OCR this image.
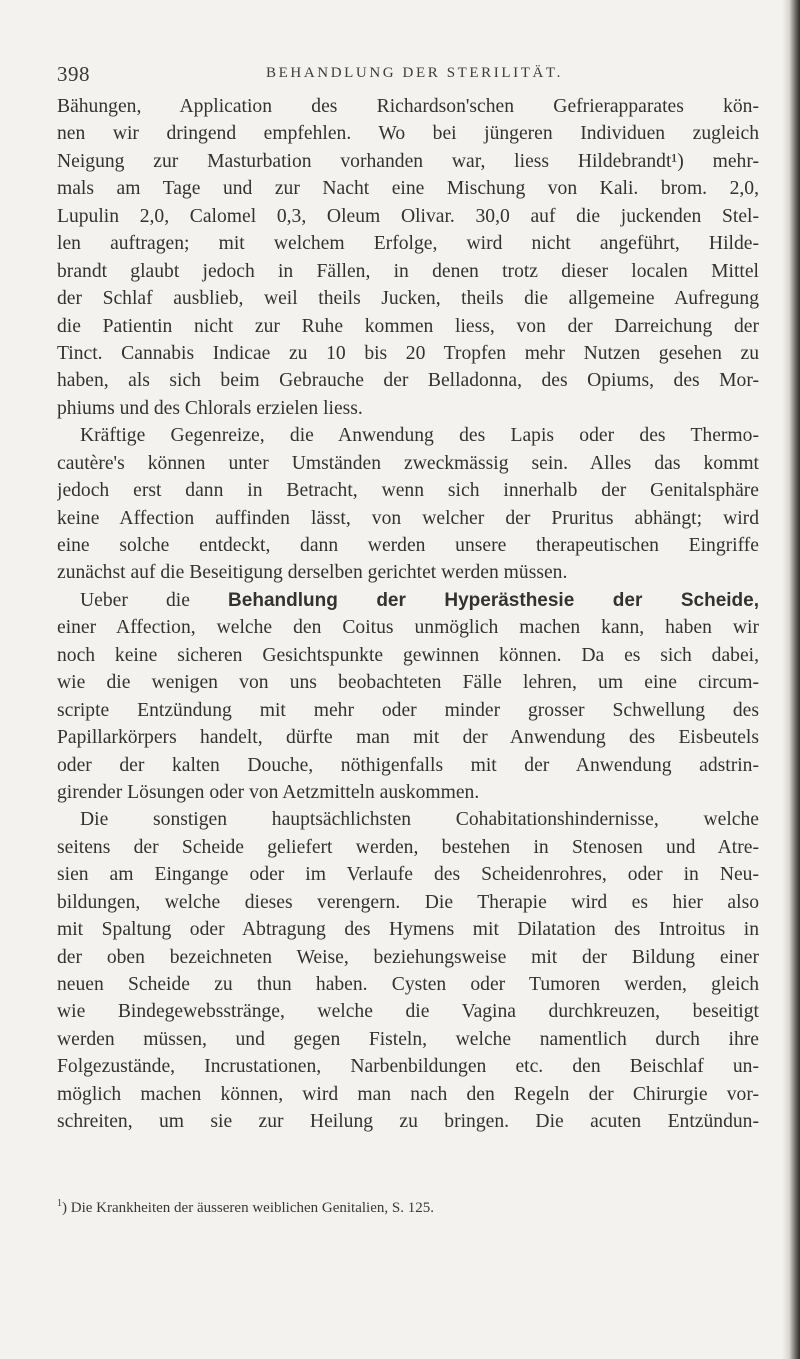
398	BEHANDLUNG DER STERILITÄT.
Bähungen, Application des Richardson'schen Gefrierapparates kön-
nen wir dringend empfehlen. Wo bei jüngeren Individuen zugleich
Neigung zur Masturbation vorhanden war, liess Hildebrandt¹) mehr-
mals am Tage und zur Nacht eine Mischung von Kali. brom. 2,0,
Lupulin 2,0, Calomel 0,3, Oleum Olivar. 30,0 auf die juckenden Stel-
len auftragen; mit welchem Erfolge, wird nicht angeführt, Hilde-
brandt glaubt jedoch in Fällen, in denen trotz dieser localen Mittel
der Schlaf ausblieb, weil theils Jucken, theils die allgemeine Aufregung
die Patientin nicht zur Ruhe kommen liess, von der Darreichung der
Tinct. Cannabis Indicae zu 10 bis 20 Tropfen mehr Nutzen gesehen zu
haben, als sich beim Gebrauche der Belladonna, des Opiums, des Mor-
phiums und des Chlorals erzielen liess.
Kräftige Gegenreize, die Anwendung des Lapis oder des Thermo-
cautère's können unter Umständen zweckmässig sein. Alles das kommt
jedoch erst dann in Betracht, wenn sich innerhalb der Genitalsphäre
keine Affection auffinden lässt, von welcher der Pruritus abhängt; wird
eine solche entdeckt, dann werden unsere therapeutischen Eingriffe
zunächst auf die Beseitigung derselben gerichtet werden müssen.
Ueber die Behandlung der Hyperästhesie der Scheide,
einer Affection, welche den Coitus unmöglich machen kann, haben wir
noch keine sicheren Gesichtspunkte gewinnen können. Da es sich dabei,
wie die wenigen von uns beobachteten Fälle lehren, um eine circum-
scripte Entzündung mit mehr oder minder grosser Schwellung des
Papillarkörpers handelt, dürfte man mit der Anwendung des Eisbeutels
oder der kalten Douche, nöthigenfalls mit der Anwendung adstrin-
girender Lösungen oder von Aetzmitteln auskommen.
Die sonstigen hauptsächlichsten Cohabitationshindernisse, welche
seitens der Scheide geliefert werden, bestehen in Stenosen und Atre-
sien am Eingange oder im Verlaufe des Scheidenrohres, oder in Neu-
bildungen, welche dieses verengern. Die Therapie wird es hier also
mit Spaltung oder Abtragung des Hymens mit Dilatation des Introitus in
der oben bezeichneten Weise, beziehungsweise mit der Bildung einer
neuen Scheide zu thun haben. Cysten oder Tumoren werden, gleich
wie Bindegewebsstränge, welche die Vagina durchkreuzen, beseitigt
werden müssen, und gegen Fisteln, welche namentlich durch ihre
Folgezustände, Incrustationen, Narbenbildungen etc. den Beischlaf un-
möglich machen können, wird man nach den Regeln der Chirurgie vor-
schreiten, um sie zur Heilung zu bringen. Die acuten Entzündun-
$^1$) Die Krankheiten der äusseren weiblichen Genitalien, S. 125.
